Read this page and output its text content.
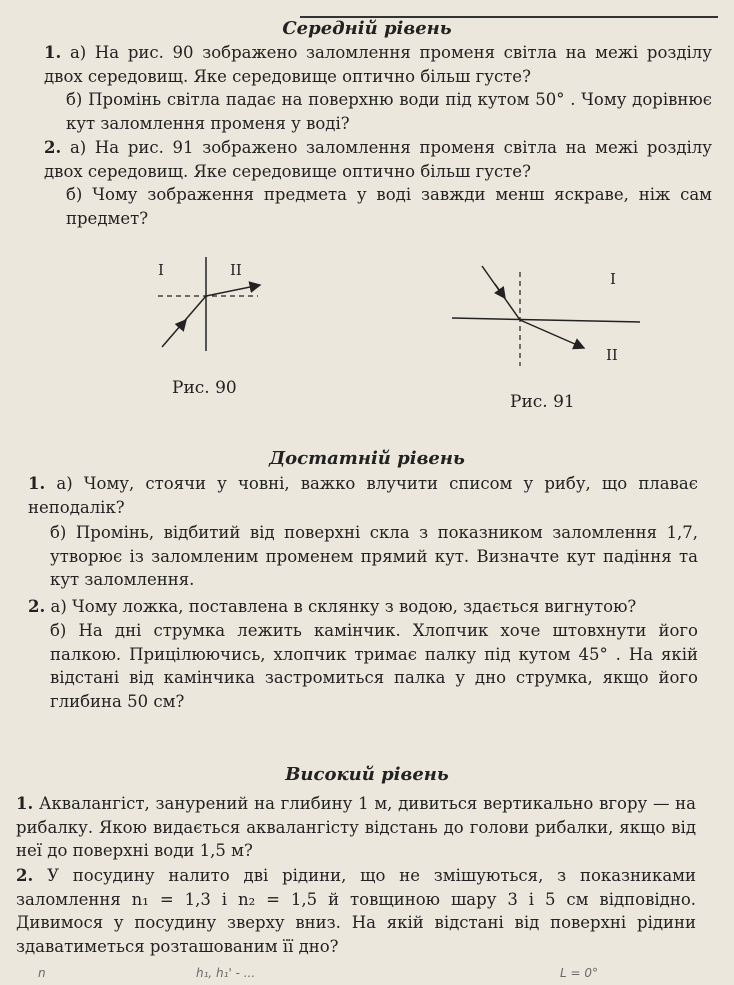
Середній рівень

1. а) На рис. 90 зображено заломлення променя світла на межі розділу двох середовищ. Яке середовище оптично більш густе?

б) Промінь світла падає на поверхню води під кутом 50° . Чому дорівнює кут заломлення променя у воді?

2. а) На рис. 91 зображено заломлення променя світла на межі розділу двох середовищ. Яке середовище оптично більш густе?

б) Чому зображення предмета у воді завжди менш яскраве, ніж сам предмет?

I	II
Рис. 90
I
II
Рис. 91
Достатній рівень

1. а) Чому, стоячи у човні, важко влучити списом у рибу, що плаває неподалік?

б) Промінь, відбитий від поверхні скла з показником заломлення 1,7, утворює із заломленим променем прямий кут. Визначте кут падіння та кут заломлення.

2. а) Чому ложка, поставлена в склянку з водою, здається вигнутою?

б) На дні струмка лежить камінчик. Хлопчик хоче штовхнути його палкою. Прицілюючись, хлопчик тримає палку під кутом 45° . На якій відстані від камінчика застромиться палка у дно струмка, якщо його глибина 50 см?

Високий рівень

1. Аквалангіст, занурений на глибину 1 м, дивиться вертикально вгору — на рибалку. Якою видається аквалангісту відстань до голови рибалки, якщо від неї до поверхні води 1,5 м?

2. У посудину налито дві рідини, що не змішуються, з показниками заломлення n₁ = 1,3 і n₂ = 1,5 й товщиною шару 3 і 5 см відповідно. Дивимося у посудину зверху вниз. На якій відстані від поверхні рідини здаватиметься розташованим її дно?

n	h₁, h₁' - ...	L = 0°
